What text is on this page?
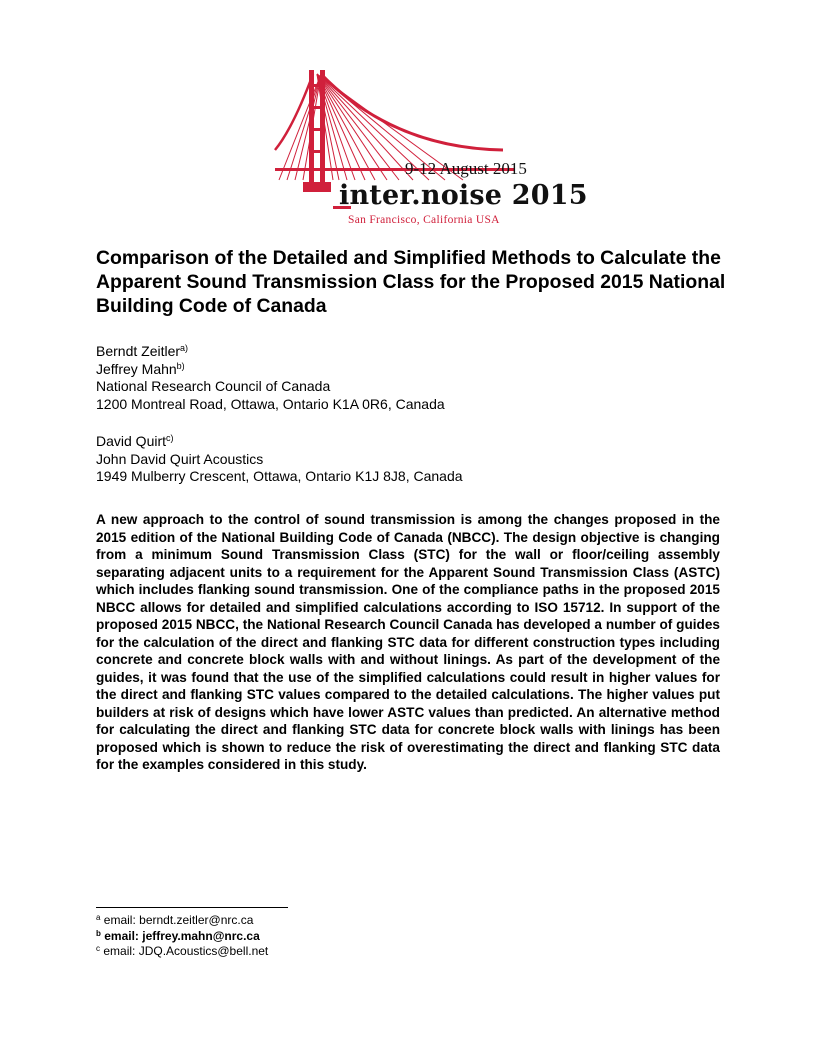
9-12 August 2015
inter.noise 2015
San Francisco, California USA
Comparison of the Detailed and Simplified Methods to Calculate the
Apparent Sound Transmission Class for the Proposed 2015 National
Building Code of Canada
Berndt Zeitler$^{a)}$
Jeffrey Mahn$^{b)}$
National Research Council of Canada
1200 Montreal Road, Ottawa, Ontario K1A 0R6, Canada
David Quirt$^{c)}$
John David Quirt Acoustics
1949 Mulberry Crescent, Ottawa, Ontario K1J 8J8, Canada

A new approach to the control of sound transmission is among the changes proposed in the 2015 edition of the National Building Code of Canada (NBCC). The design objective is changing from a minimum Sound Transmission Class (STC) for the wall or floor/ceiling assembly separating adjacent units to a requirement for the Apparent Sound Transmission Class (ASTC) which includes flanking sound transmission. One of the compliance paths in the proposed 2015 NBCC allows for detailed and simplified calculations according to ISO 15712. In support of the proposed 2015 NBCC, the National Research Council Canada has developed a number of guides for the calculation of the direct and flanking STC data for different construction types including concrete and concrete block walls with and without linings. As part of the development of the guides, it was found that the use of the simplified calculations could result in higher values for the direct and flanking STC values compared to the detailed calculations. The higher values put builders at risk of designs which have lower ASTC values than predicted. An alternative method for calculating the direct and flanking STC data for concrete block walls with linings has been proposed which is shown to reduce the risk of overestimating the direct and flanking STC data for the examples considered in this study.

$^a$ email: berndt.zeitler@nrc.ca
$^b$ email: jeffrey.mahn@nrc.ca
$^c$ email: JDQ.Acoustics@bell.net
